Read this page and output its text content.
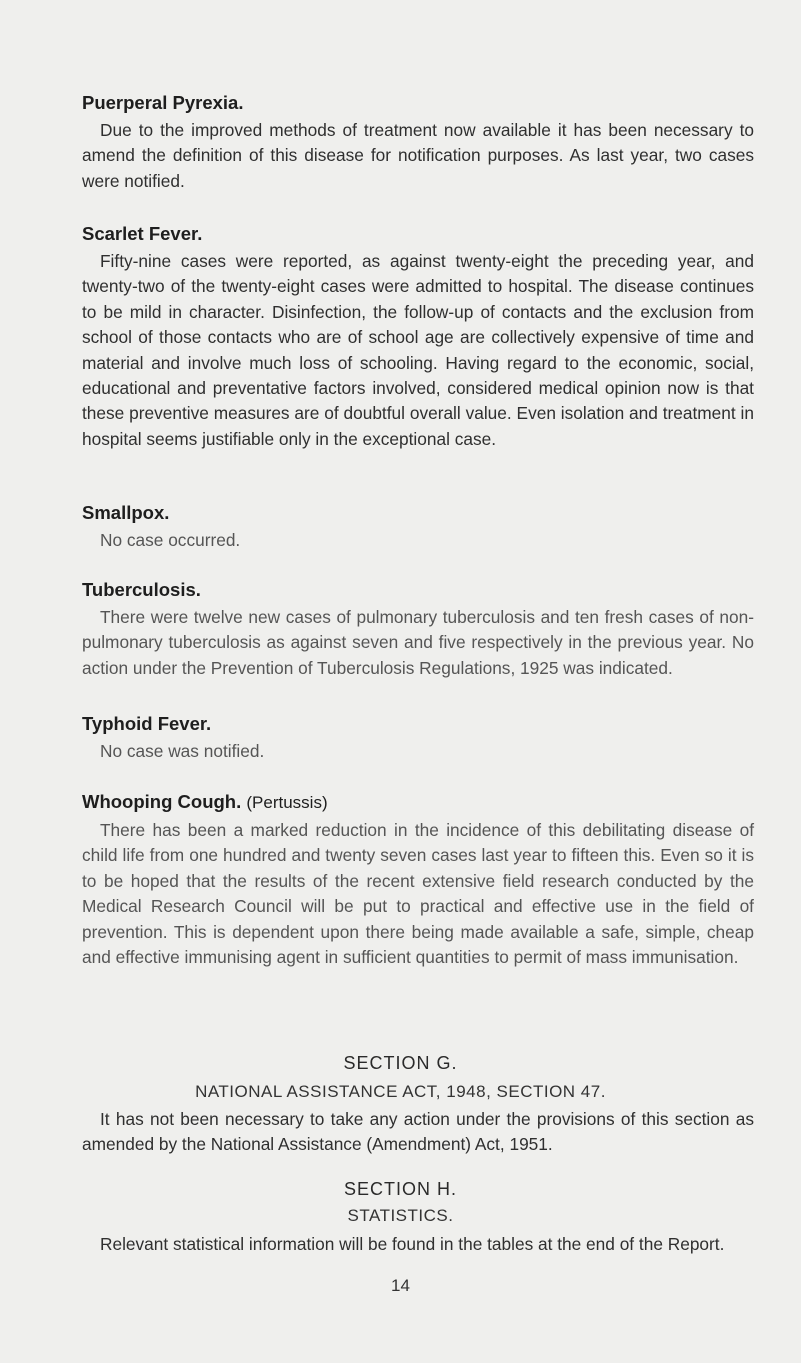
Puerperal Pyrexia.

Due to the improved methods of treatment now available it has been necessary to amend the definition of this disease for notification purposes. As last year, two cases were notified.

Scarlet Fever.

Fifty-nine cases were reported, as against twenty-eight the preceding year, and twenty-two of the twenty-eight cases were admitted to hospital. The disease continues to be mild in character. Disinfection, the follow-up of contacts and the exclusion from school of those contacts who are of school age are collectively expensive of time and material and involve much loss of schooling. Having regard to the economic, social, educational and preventative factors involved, considered medical opinion now is that these preventive measures are of doubtful overall value. Even isolation and treatment in hospital seems justifiable only in the exceptional case.

Smallpox.

No case occurred.

Tuberculosis.

There were twelve new cases of pulmonary tuberculosis and ten fresh cases of non-pulmonary tuberculosis as against seven and five respectively in the previous year. No action under the Prevention of Tuberculosis Regulations, 1925 was indicated.

Typhoid Fever.

No case was notified.

Whooping Cough. (Pertussis)

There has been a marked reduction in the incidence of this debilitating disease of child life from one hundred and twenty seven cases last year to fifteen this. Even so it is to be hoped that the results of the recent extensive field research conducted by the Medical Research Council will be put to practical and effective use in the field of prevention. This is dependent upon there being made available a safe, simple, cheap and effective immunising agent in sufficient quantities to permit of mass immunisation.

SECTION G.
NATIONAL ASSISTANCE ACT, 1948, SECTION 47.

It has not been necessary to take any action under the provisions of this section as amended by the National Assistance (Amendment) Act, 1951.

SECTION H.
STATISTICS.

Relevant statistical information will be found in the tables at the end of the Report.

14
